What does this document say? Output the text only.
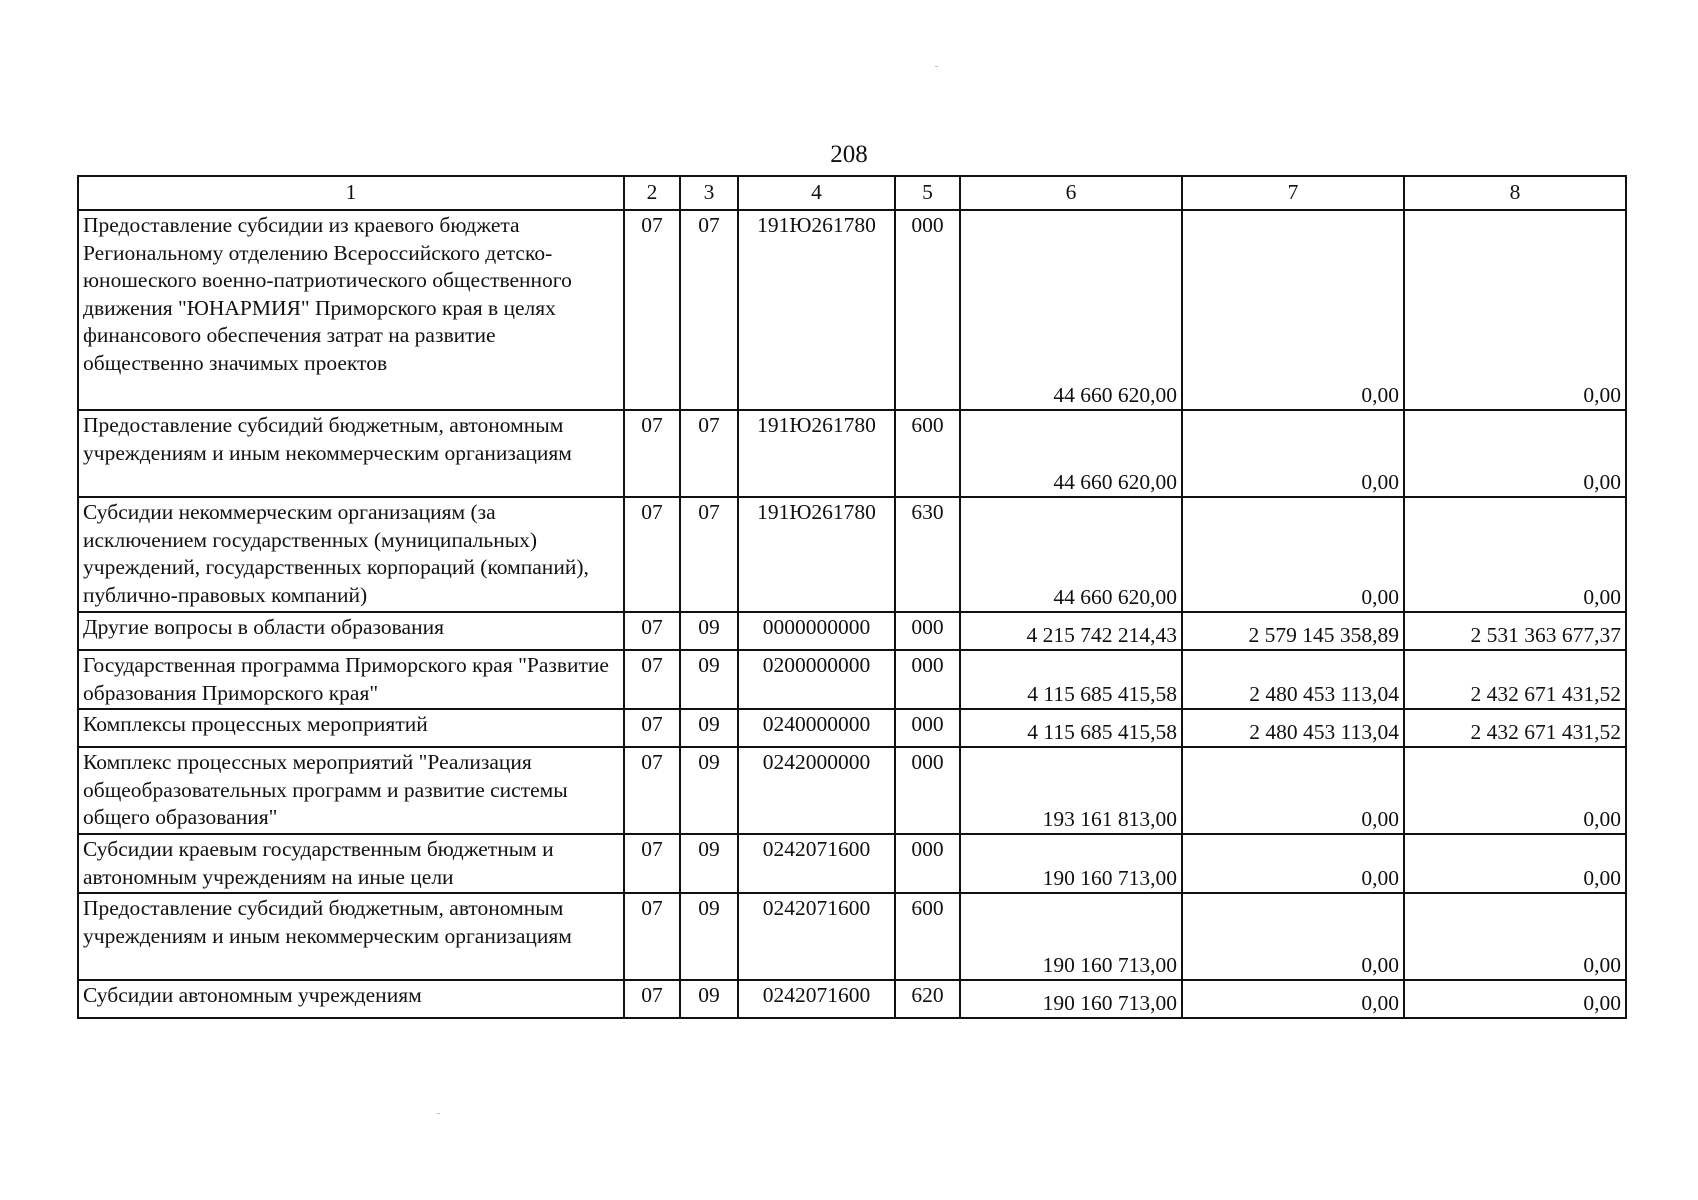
208
1	2	3	4	5	6	7	8
Предоставление субсидии из краевого бюджета Региональному отделению Всероссийского детско-юношеского военно-патриотического общественного движения "ЮНАРМИЯ" Приморского края в целях финансового обеспечения затрат на развитие общественно значимых проектов	07	07	191Ю261780	000	44 660 620,00	0,00	0,00
Предоставление субсидий бюджетным, автономным учреждениям и иным некоммерческим организациям	07	07	191Ю261780	600	44 660 620,00	0,00	0,00
Субсидии некоммерческим организациям (за исключением государственных (муниципальных) учреждений, государственных корпораций (компаний), публично-правовых компаний)	07	07	191Ю261780	630	44 660 620,00	0,00	0,00
Другие вопросы в области образования	07	09	0000000000	000	4 215 742 214,43	2 579 145 358,89	2 531 363 677,37
Государственная программа Приморского края "Развитие образования Приморского края"	07	09	0200000000	000	4 115 685 415,58	2 480 453 113,04	2 432 671 431,52
Комплексы процессных мероприятий	07	09	0240000000	000	4 115 685 415,58	2 480 453 113,04	2 432 671 431,52
Комплекс процессных мероприятий "Реализация общеобразовательных программ и развитие системы общего образования"	07	09	0242000000	000	193 161 813,00	0,00	0,00
Субсидии краевым государственным бюджетным и автономным учреждениям на иные цели	07	09	0242071600	000	190 160 713,00	0,00	0,00
Предоставление субсидий бюджетным, автономным учреждениям и иным некоммерческим организациям	07	09	0242071600	600	190 160 713,00	0,00	0,00
Субсидии автономным учреждениям	07	09	0242071600	620	190 160 713,00	0,00	0,00
